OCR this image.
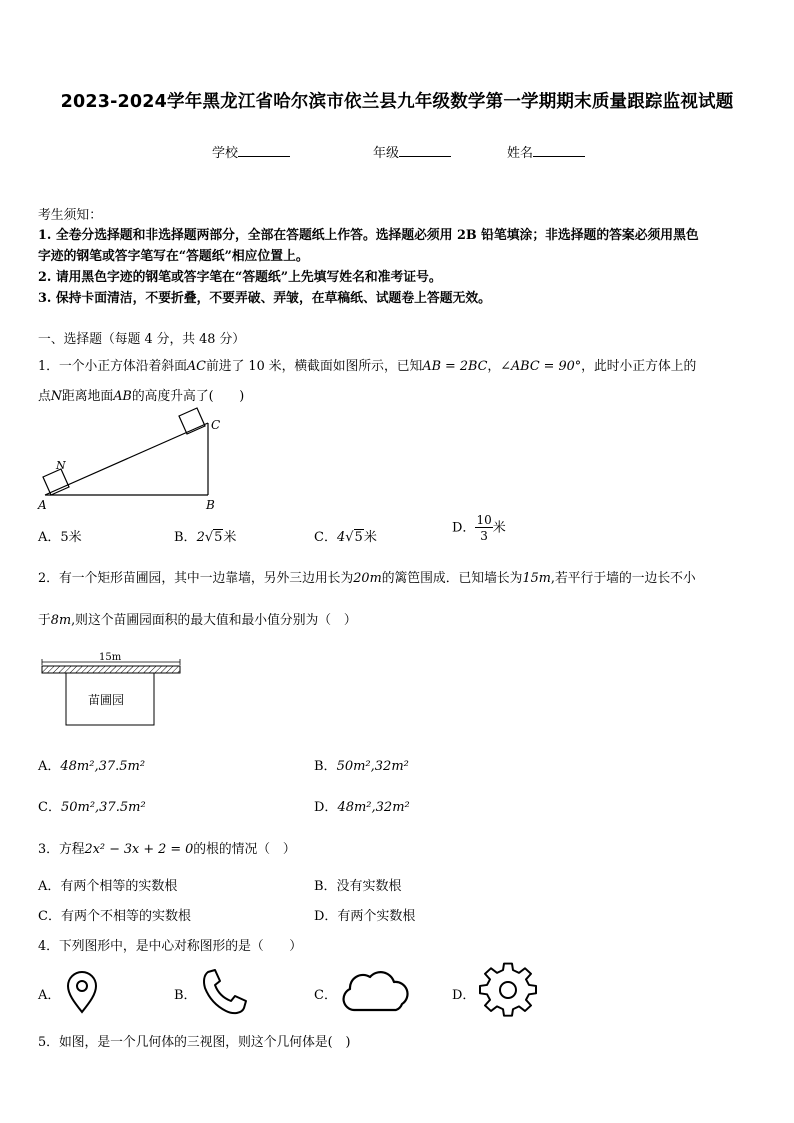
2023-2024学年黑龙江省哈尔滨市依兰县九年级数学第一学期期末质量跟踪监视试题
学校	年级	姓名
考生须知：
1. 全卷分选择题和非选择题两部分，全部在答题纸上作答。选择题必须用 2B 铅笔填涂；非选择题的答案必须用黑色
字迹的钢笔或答字笔写在“答题纸”相应位置上。
2. 请用黑色字迹的钢笔或答字笔在“答题纸”上先填写姓名和准考证号。
3. 保持卡面清洁，不要折叠，不要弄破、弄皱，在草稿纸、试题卷上答题无效。
一、选择题（每题 4 分，共 48 分）
1．一个小正方体沿着斜面AC前进了 10 米，横截面如图所示，已知AB = 2BC，∠ABC = 90°，此时小正方体上的
点N距离地面AB的高度升高了(　　)
A	B
C
N
A．5米	B．2√5米	C．4√5米
D． $\frac{10}{3}$ 米
2．有一个矩形苗圃园，其中一边靠墙，另外三边用长为20m的篱笆围成．已知墙长为15m,若平行于墙的一边长不小
于8m,则这个苗圃园面积的最大值和最小值分别为（　）
15m
苗圃园
A．48m²,37.5m²	B．50m²,32m²
C．50m²,37.5m²	D．48m²,32m²
3．方程2x² − 3x + 2 = 0的根的情况（　）
A．有两个相等的实数根	B．没有实数根
C．有两个不相等的实数根	D．有两个实数根
4．下列图形中，是中心对称图形的是（　　）
A．	B．	C．	D．
5．如图，是一个几何体的三视图，则这个几何体是(　)
